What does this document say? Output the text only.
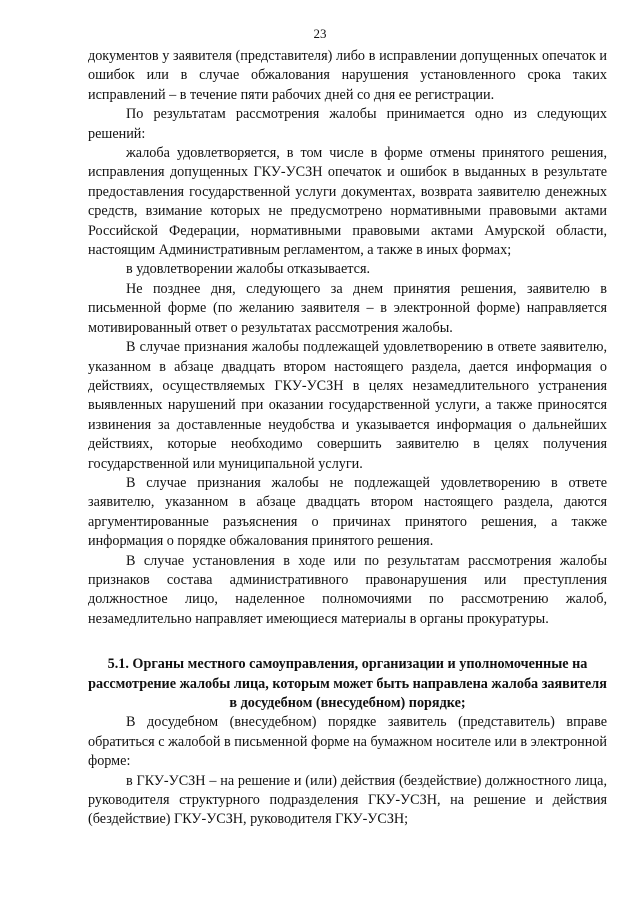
23

документов у заявителя (представителя) либо в исправлении допущенных опечаток и ошибок или в случае обжалования нарушения установленного срока таких исправлений – в течение пяти рабочих дней со дня ее регистрации.

По результатам рассмотрения жалобы принимается одно из следующих решений:

жалоба удовлетворяется, в том числе в форме отмены принятого решения, исправления допущенных ГКУ-УСЗН опечаток и ошибок в выданных в результате предоставления государственной услуги документах, возврата заявителю денежных средств, взимание которых не предусмотрено нормативными правовыми актами Российской Федерации, нормативными правовыми актами Амурской области, настоящим Административным регламентом, а также в иных формах;

в удовлетворении жалобы отказывается.

Не позднее дня, следующего за днем принятия решения, заявителю в письменной форме (по желанию заявителя – в электронной форме) направляется мотивированный ответ о результатах рассмотрения жалобы.

В случае признания жалобы подлежащей удовлетворению в ответе заявителю, указанном в абзаце двадцать втором настоящего раздела, дается информация о действиях, осуществляемых ГКУ-УСЗН в целях незамедлительного устранения выявленных нарушений при оказании государственной услуги, а также приносятся извинения за доставленные неудобства и указывается информация о дальнейших действиях, которые необходимо совершить заявителю в целях получения государственной или муниципальной услуги.

В случае признания жалобы не подлежащей удовлетворению в ответе заявителю, указанном в абзаце двадцать втором настоящего раздела, даются аргументированные разъяснения о причинах принятого решения, а также информация о порядке обжалования принятого решения.

В случае установления в ходе или по результатам рассмотрения жалобы признаков состава административного правонарушения или преступления должностное лицо, наделенное полномочиями по рассмотрению жалоб, незамедлительно направляет имеющиеся материалы в органы прокуратуры.

5.1. Органы местного самоуправления, организации и уполномоченные на рассмотрение жалобы лица, которым может быть направлена жалоба заявителя в досудебном (внесудебном) порядке;

В досудебном (внесудебном) порядке заявитель (представитель) вправе обратиться с жалобой в письменной форме на бумажном носителе или в электронной форме:

в ГКУ-УСЗН – на решение и (или) действия (бездействие) должностного лица, руководителя структурного подразделения ГКУ-УСЗН, на решение и действия (бездействие) ГКУ-УСЗН, руководителя ГКУ-УСЗН;
